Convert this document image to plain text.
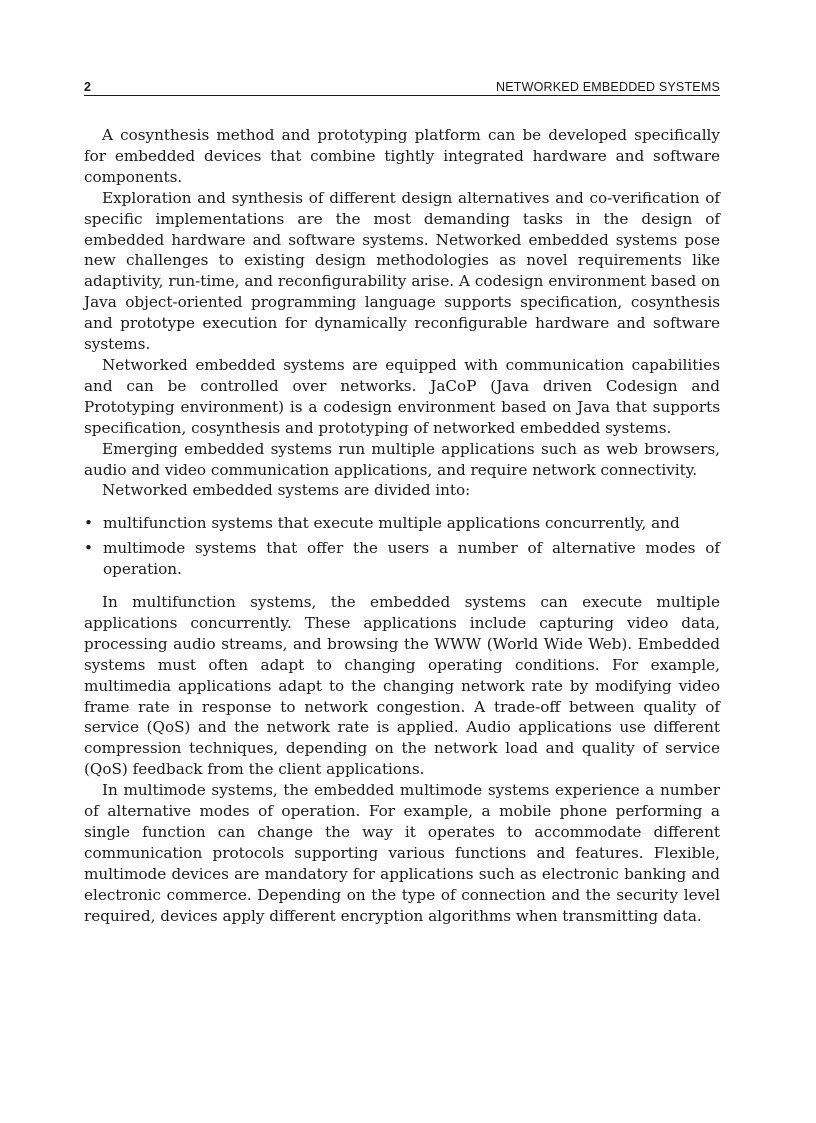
2	NETWORKED EMBEDDED SYSTEMS

A cosynthesis method and prototyping platform can be developed specifically for embedded devices that combine tightly integrated hardware and software components.

Exploration and synthesis of different design alternatives and co-verification of specific implementations are the most demanding tasks in the design of embedded hardware and software systems. Networked embedded systems pose new challenges to existing design methodologies as novel requirements like adaptivity, run-time, and reconfigurability arise. A codesign environment based on Java object-oriented programming language supports specification, cosynthesis and prototype execution for dynamically reconfigurable hardware and software systems.

Networked embedded systems are equipped with communication capabilities and can be controlled over networks. JaCoP (Java driven Codesign and Prototyping environment) is a codesign environment based on Java that supports specification, cosynthesis and prototyping of networked embedded systems.

Emerging embedded systems run multiple applications such as web browsers, audio and video communication applications, and require network connectivity.

Networked embedded systems are divided into:

• multifunction systems that execute multiple applications concurrently, and
• multimode systems that offer the users a number of alternative modes of operation.

In multifunction systems, the embedded systems can execute multiple applications concurrently. These applications include capturing video data, processing audio streams, and browsing the WWW (World Wide Web). Embedded systems must often adapt to changing operating conditions. For example, multimedia applications adapt to the changing network rate by modifying video frame rate in response to network congestion. A trade-off between quality of service (QoS) and the network rate is applied. Audio applications use different compression techniques, depending on the network load and quality of service (QoS) feedback from the client applications.

In multimode systems, the embedded multimode systems experience a number of alternative modes of operation. For example, a mobile phone performing a single function can change the way it operates to accommodate different communication protocols supporting various functions and features. Flexible, multimode devices are mandatory for applications such as electronic banking and electronic commerce. Depending on the type of connection and the security level required, devices apply different encryption algorithms when transmitting data.
